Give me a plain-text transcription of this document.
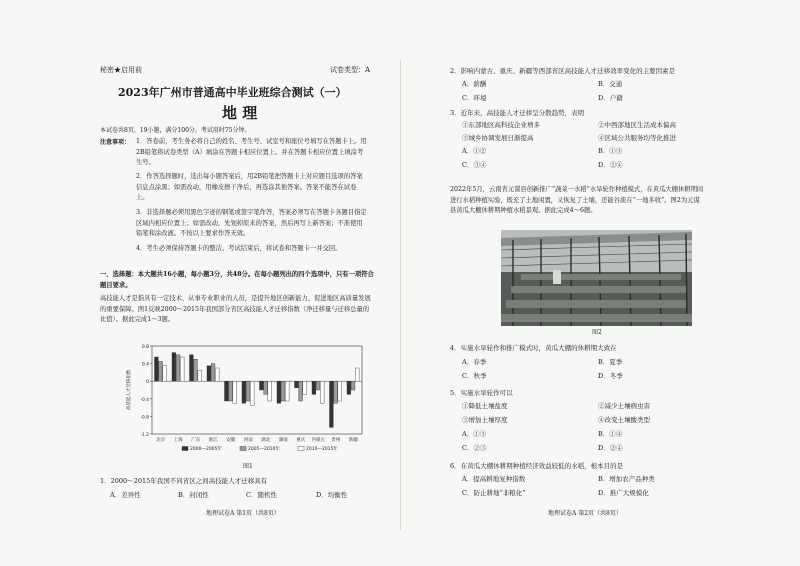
秘密★启用前	试卷类型：A
2023年广州市普通高中毕业班综合测试（一）
地 理
本试卷共8页，19小题，满分100分。考试用时75分钟。
注意事项： 1．答卷前，考生务必将自己的姓名、考生号、试室号和座位号填写在答题卡上。用2B铅笔将试卷类型（A）填涂在答题卡相应位置上。并在答题卡相应位置上填涂考生号。
2．作答选择题时，选出每小题答案后，用2B铅笔把答题卡上对应题目选项的答案信息点涂黑；如需改动，用橡皮擦干净后，再选涂其他答案。答案不能答在试卷上。
3．非选择题必须用黑色字迹的钢笔或签字笔作答，答案必须写在答题卡各题目指定区域内相应位置上；如需改动，先划掉原来的答案，然后再写上新答案；不准使用铅笔和涂改液。不按以上要求作答无效。
4．考生必须保持答题卡的整洁。考试结束后，将试卷和答题卡一并交回。
一、选择题：本大题共16小题，每小题3分，共48分。在每小题列出的四个选项中，只有一项符合题目要求。
高技能人才是指具有一定技术、从事专业职业的人员，是提升地区创新能力、促进地区高质量发展的重要保障。图1反映2000～2015年我国部分省区高技能人才迁移指数（净迁移量与迁移总量的比值）。据此完成1～3题。
0.8
0.4
0
-0.4
-0.8
-1.2
高技能人才迁移指数
北京 上海 广东 浙江 安徽 河南 湖北 湖南 重庆 内蒙古 贵州 新疆
2000—2005年	2005—2010年	2010—2015年
图1
1．2000～2015年我国不同省区之间高技能人才迁移具有
A．差异性	B．封闭性	C．随机性	D．均衡性
地理试卷A 第1页（共8页）
2．影响内蒙古、重庆、新疆等西部省区高技能人才迁移效率变化的主要因素是
A．薪酬	B．交通
C．环境	D．户籍
3．近年来，高技能人才迁移呈分散趋势，表明
①东部地区高科技企业增多	②中西部地区生活成本偏高
③城乡协调发展日渐提高	④区域公共服务均等化推进
A．①②	B．①③
C．③④	D．②④
2022年5月，云南省元谋县创新推广“蔬菜一水稻”水旱轮作种植模式，在黄瓜大棚休耕期间进行水稻种植实验，既充了土地闲置，又恢复了土壤，还能谷流在“一地多收”。图2为元谋县黄瓜大棚休耕期种植水稻景观。据此完成4～6题。
图2
4．实施水旱轮作和推广模式时，黄瓜大棚的休耕期大致在
A．春季	B．夏季
C．秋季	D．冬季
5．实施水旱轮作可以
①降低土壤盐度	②减少土壤病虫害
③增加土壤厚度	④改变土壤酸类型
A．①③	B．①④
C．②③	D．②④
6．在黄瓜大棚休耕期种植经济效益较低的水稻，根本目的是
A．提高耕地复种指数	B．增加农产品种类
C．防止耕地“非粮化”	D．推广大规模化
地理试卷A 第2页（共8页）
